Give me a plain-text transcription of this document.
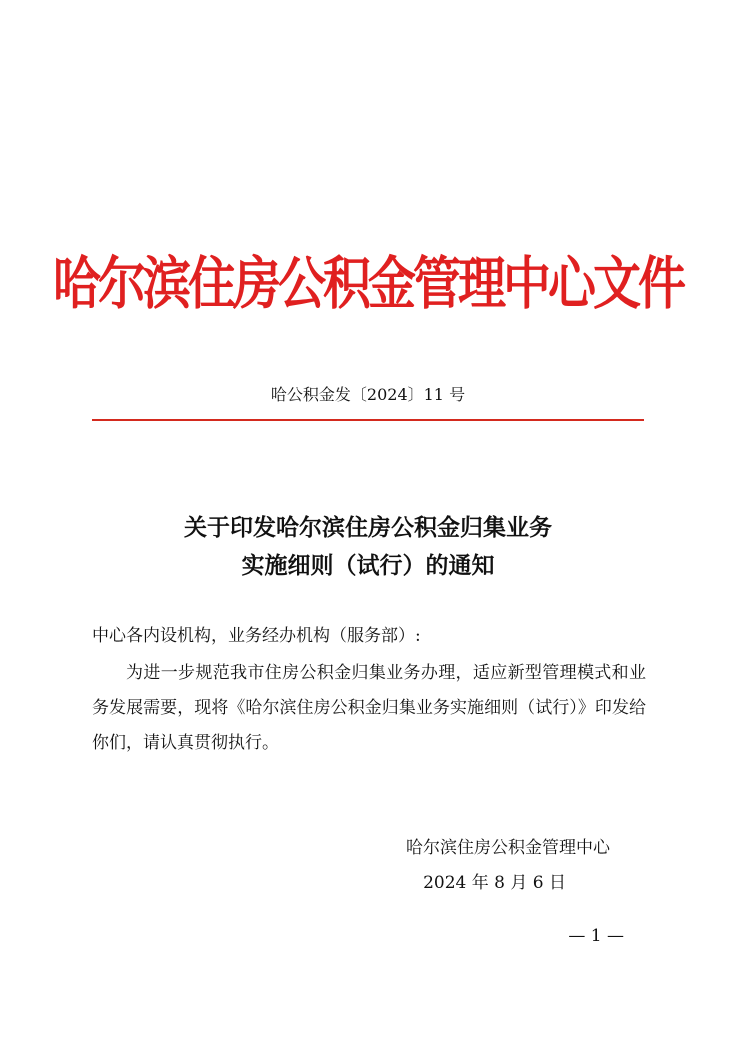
哈尔滨住房公积金管理中心文件
哈公积金发〔2024〕11 号
关于印发哈尔滨住房公积金归集业务
实施细则（试行）的通知
中心各内设机构，业务经办机构（服务部）:
为进一步规范我市住房公积金归集业务办理，适应新型管理模式和业务发展需要，现将《哈尔滨住房公积金归集业务实施细则（试行）》印发给你们，请认真贯彻执行。
哈尔滨住房公积金管理中心
2024 年 8 月 6 日
— 1 —
